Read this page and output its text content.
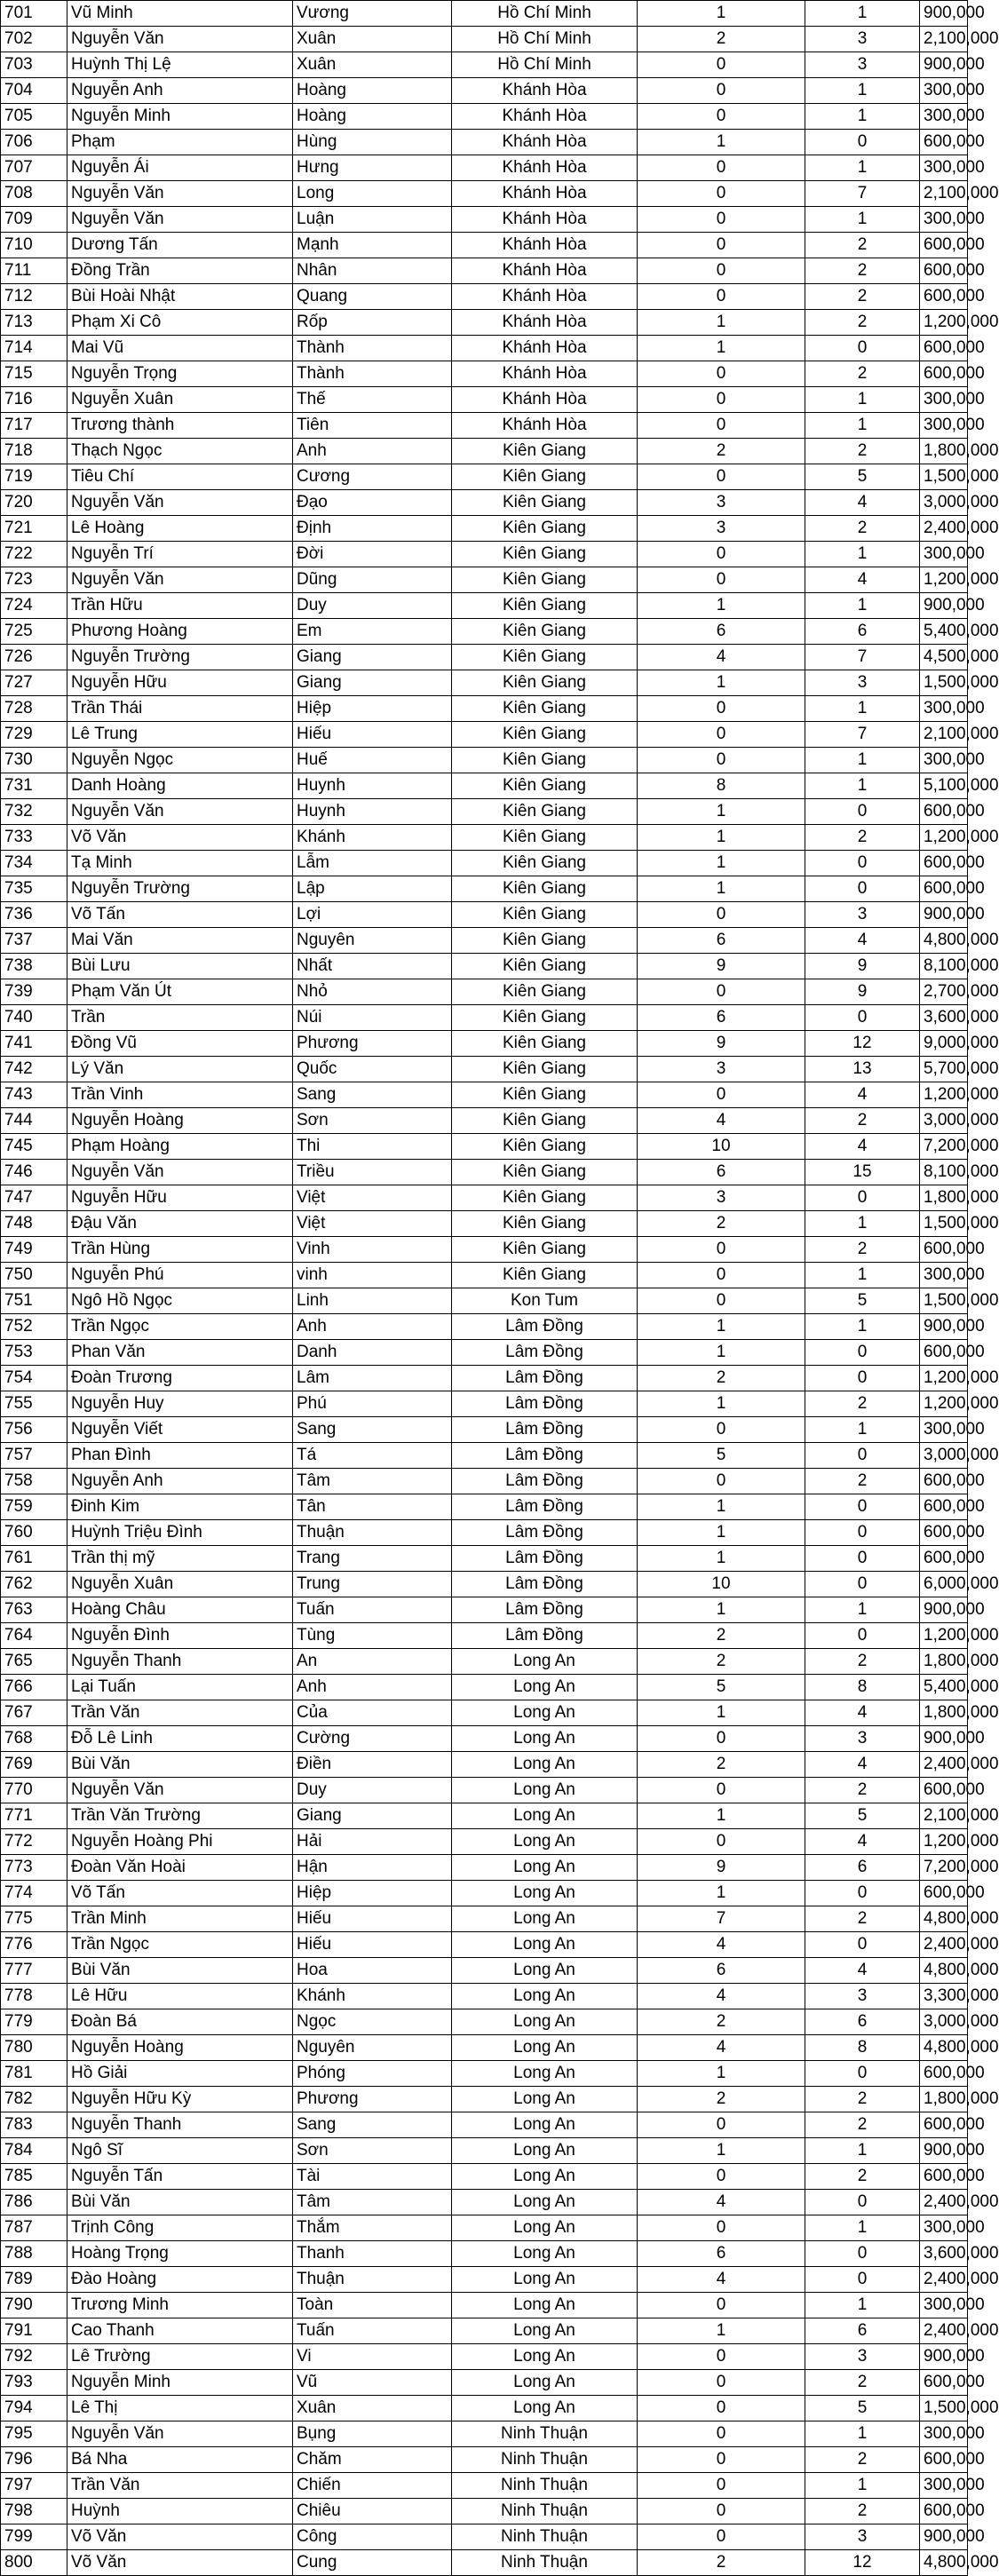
701	Vũ Minh	Vương	Hồ Chí Minh	1	1	900,000
702	Nguyễn Văn	Xuân	Hồ Chí Minh	2	3	2,100,000
703	Huỳnh Thị Lệ	Xuân	Hồ Chí Minh	0	3	900,000
704	Nguyễn Anh	Hoàng	Khánh Hòa	0	1	300,000
705	Nguyễn Minh	Hoàng	Khánh Hòa	0	1	300,000
706	Phạm	Hùng	Khánh Hòa	1	0	600,000
707	Nguyễn Ái	Hưng	Khánh Hòa	0	1	300,000
708	Nguyễn Văn	Long	Khánh Hòa	0	7	2,100,000
709	Nguyễn Văn	Luận	Khánh Hòa	0	1	300,000
710	Dương Tấn	Mạnh	Khánh Hòa	0	2	600,000
711	Đồng Trần	Nhân	Khánh Hòa	0	2	600,000
712	Bùi Hoài Nhật	Quang	Khánh Hòa	0	2	600,000
713	Phạm Xi Cô	Rốp	Khánh Hòa	1	2	1,200,000
714	Mai Vũ	Thành	Khánh Hòa	1	0	600,000
715	Nguyễn Trọng	Thành	Khánh Hòa	0	2	600,000
716	Nguyễn Xuân	Thế	Khánh Hòa	0	1	300,000
717	Trương thành	Tiên	Khánh Hòa	0	1	300,000
718	Thạch Ngọc	Anh	Kiên Giang	2	2	1,800,000
719	Tiêu Chí	Cương	Kiên Giang	0	5	1,500,000
720	Nguyễn Văn	Đạo	Kiên Giang	3	4	3,000,000
721	Lê Hoàng	Định	Kiên Giang	3	2	2,400,000
722	Nguyễn Trí	Đời	Kiên Giang	0	1	300,000
723	Nguyễn Văn	Dũng	Kiên Giang	0	4	1,200,000
724	Trần Hữu	Duy	Kiên Giang	1	1	900,000
725	Phương Hoàng	Em	Kiên Giang	6	6	5,400,000
726	Nguyễn Trường	Giang	Kiên Giang	4	7	4,500,000
727	Nguyễn Hữu	Giang	Kiên Giang	1	3	1,500,000
728	Trần Thái	Hiệp	Kiên Giang	0	1	300,000
729	Lê Trung	Hiếu	Kiên Giang	0	7	2,100,000
730	Nguyễn Ngọc	Huế	Kiên Giang	0	1	300,000
731	Danh Hoàng	Huynh	Kiên Giang	8	1	5,100,000
732	Nguyễn Văn	Huynh	Kiên Giang	1	0	600,000
733	Võ Văn	Khánh	Kiên Giang	1	2	1,200,000
734	Tạ Minh	Lẫm	Kiên Giang	1	0	600,000
735	Nguyễn Trường	Lập	Kiên Giang	1	0	600,000
736	Võ Tấn	Lợi	Kiên Giang	0	3	900,000
737	Mai Văn	Nguyên	Kiên Giang	6	4	4,800,000
738	Bùi Lưu	Nhất	Kiên Giang	9	9	8,100,000
739	Phạm Văn Út	Nhỏ	Kiên Giang	0	9	2,700,000
740	Trần	Núi	Kiên Giang	6	0	3,600,000
741	Đồng Vũ	Phương	Kiên Giang	9	12	9,000,000
742	Lý Văn	Quốc	Kiên Giang	3	13	5,700,000
743	Trần Vinh	Sang	Kiên Giang	0	4	1,200,000
744	Nguyễn Hoàng	Sơn	Kiên Giang	4	2	3,000,000
745	Phạm Hoàng	Thi	Kiên Giang	10	4	7,200,000
746	Nguyễn Văn	Triều	Kiên Giang	6	15	8,100,000
747	Nguyễn Hữu	Việt	Kiên Giang	3	0	1,800,000
748	Đậu Văn	Việt	Kiên Giang	2	1	1,500,000
749	Trần Hùng	Vinh	Kiên Giang	0	2	600,000
750	Nguyễn Phú	vinh	Kiên Giang	0	1	300,000
751	Ngô Hồ Ngọc	Linh	Kon Tum	0	5	1,500,000
752	Trần Ngọc	Anh	Lâm Đồng	1	1	900,000
753	Phan Văn	Danh	Lâm Đồng	1	0	600,000
754	Đoàn Trương	Lâm	Lâm Đồng	2	0	1,200,000
755	Nguyễn Huy	Phú	Lâm Đồng	1	2	1,200,000
756	Nguyễn Viết	Sang	Lâm Đồng	0	1	300,000
757	Phan Đình	Tá	Lâm Đồng	5	0	3,000,000
758	Nguyễn Anh	Tâm	Lâm Đồng	0	2	600,000
759	Đinh Kim	Tân	Lâm Đồng	1	0	600,000
760	Huỳnh Triệu Đình	Thuận	Lâm Đồng	1	0	600,000
761	Trần thị mỹ	Trang	Lâm Đồng	1	0	600,000
762	Nguyễn Xuân	Trung	Lâm Đồng	10	0	6,000,000
763	Hoàng Châu	Tuấn	Lâm Đồng	1	1	900,000
764	Nguyễn Đình	Tùng	Lâm Đồng	2	0	1,200,000
765	Nguyễn Thanh	An	Long An	2	2	1,800,000
766	Lại Tuấn	Anh	Long An	5	8	5,400,000
767	Trần Văn	Của	Long An	1	4	1,800,000
768	Đỗ Lê Linh	Cường	Long An	0	3	900,000
769	Bùi Văn	Điền	Long An	2	4	2,400,000
770	Nguyễn Văn	Duy	Long An	0	2	600,000
771	Trần Văn Trường	Giang	Long An	1	5	2,100,000
772	Nguyễn Hoàng Phi	Hải	Long An	0	4	1,200,000
773	Đoàn Văn Hoài	Hận	Long An	9	6	7,200,000
774	Võ Tấn	Hiệp	Long An	1	0	600,000
775	Trần Minh	Hiếu	Long An	7	2	4,800,000
776	Trần Ngọc	Hiếu	Long An	4	0	2,400,000
777	Bùi Văn	Hoa	Long An	6	4	4,800,000
778	Lê Hữu	Khánh	Long An	4	3	3,300,000
779	Đoàn Bá	Ngọc	Long An	2	6	3,000,000
780	Nguyễn Hoàng	Nguyên	Long An	4	8	4,800,000
781	Hồ Giải	Phóng	Long An	1	0	600,000
782	Nguyễn Hữu Kỳ	Phương	Long An	2	2	1,800,000
783	Nguyễn Thanh	Sang	Long An	0	2	600,000
784	Ngô Sĩ	Sơn	Long An	1	1	900,000
785	Nguyễn Tấn	Tài	Long An	0	2	600,000
786	Bùi Văn	Tâm	Long An	4	0	2,400,000
787	Trịnh Công	Thắm	Long An	0	1	300,000
788	Hoàng Trọng	Thanh	Long An	6	0	3,600,000
789	Đào Hoàng	Thuận	Long An	4	0	2,400,000
790	Trương Minh	Toàn	Long An	0	1	300,000
791	Cao Thanh	Tuấn	Long An	1	6	2,400,000
792	Lê Trường	Vi	Long An	0	3	900,000
793	Nguyễn Minh	Vũ	Long An	0	2	600,000
794	Lê Thị	Xuân	Long An	0	5	1,500,000
795	Nguyễn Văn	Bụng	Ninh Thuận	0	1	300,000
796	Bá Nha	Chăm	Ninh Thuận	0	2	600,000
797	Trần Văn	Chiến	Ninh Thuận	0	1	300,000
798	Huỳnh	Chiêu	Ninh Thuận	0	2	600,000
799	Võ Văn	Công	Ninh Thuận	0	3	900,000
800	Võ Văn	Cung	Ninh Thuận	2	12	4,800,000
